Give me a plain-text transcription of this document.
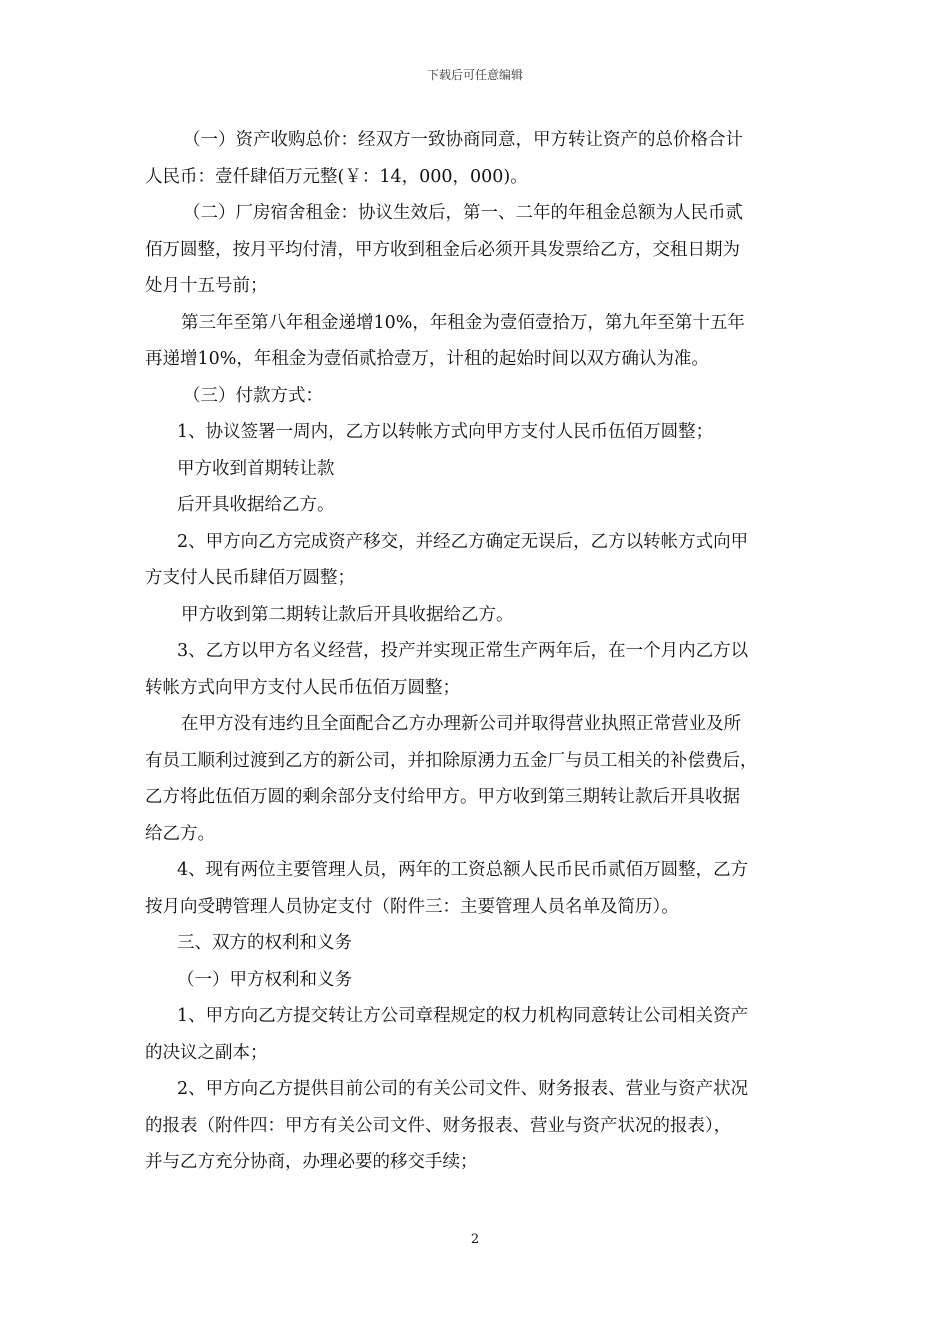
下载后可任意编辑
（一）资产收购总价：经双方一致协商同意，甲方转让资产的总价格合计
人民币：壹仟肆佰万元整(￥：14，000，000)。
（二）厂房宿舍租金：协议生效后，第一、二年的年租金总额为人民币贰
佰万圆整，按月平均付清，甲方收到租金后必须开具发票给乙方，交租日期为
处月十五号前；
第三年至第八年租金递增10%，年租金为壹佰壹拾万，第九年至第十五年
再递增10%，年租金为壹佰贰拾壹万，计租的起始时间以双方确认为准。
（三）付款方式：
1、协议签署一周内，乙方以转帐方式向甲方支付人民币伍佰万圆整；
甲方收到首期转让款
后开具收据给乙方。
2、甲方向乙方完成资产移交，并经乙方确定无误后，乙方以转帐方式向甲
方支付人民币肆佰万圆整；
甲方收到第二期转让款后开具收据给乙方。
3、乙方以甲方名义经营，投产并实现正常生产两年后，在一个月内乙方以
转帐方式向甲方支付人民币伍佰万圆整；
在甲方没有违约且全面配合乙方办理新公司并取得营业执照正常营业及所
有员工顺利过渡到乙方的新公司，并扣除原湧力五金厂与员工相关的补偿费后，
乙方将此伍佰万圆的剩余部分支付给甲方。甲方收到第三期转让款后开具收据
给乙方。
4、现有两位主要管理人员，两年的工资总额人民币民币贰佰万圆整，乙方
按月向受聘管理人员协定支付（附件三：主要管理人员名单及简历）。
三、双方的权利和义务
（一）甲方权利和义务
1、甲方向乙方提交转让方公司章程规定的权力机构同意转让公司相关资产
的决议之副本；
2、甲方向乙方提供目前公司的有关公司文件、财务报表、营业与资产状况
的报表（附件四：甲方有关公司文件、财务报表、营业与资产状况的报表），
并与乙方充分协商，办理必要的移交手续；
2
